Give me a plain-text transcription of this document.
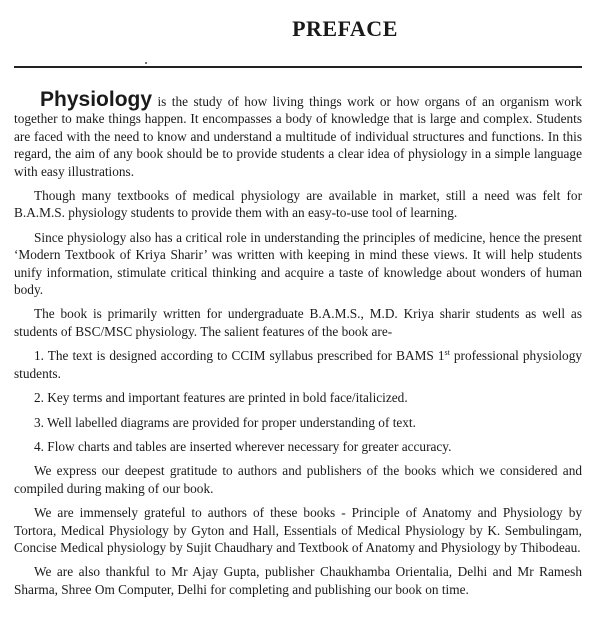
PREFACE

Physiology is the study of how living things work or how organs of an organism work together to make things happen. It encompasses a body of knowledge that is large and complex. Students are faced with the need to know and understand a multitude of individual structures and functions. In this regard, the aim of any book should be to provide students a clear idea of physiology in a simple language with easy illustrations.

Though many textbooks of medical physiology are available in market, still a need was felt for B.A.M.S. physiology students to provide them with an easy-to-use tool of learning.

Since physiology also has a critical role in understanding the principles of medicine, hence the present ‘Modern Textbook of Kriya Sharir’ was written with keeping in mind these views. It will help students unify information, stimulate critical thinking and acquire a taste of knowledge about wonders of human body.

The book is primarily written for undergraduate B.A.M.S., M.D. Kriya sharir students as well as students of BSC/MSC physiology. The salient features of the book are-

1. The text is designed according to CCIM syllabus prescribed for BAMS 1st professional physiology students.

2. Key terms and important features are printed in bold face/italicized.

3. Well labelled diagrams are provided for proper understanding of text.

4. Flow charts and tables are inserted wherever necessary for greater accuracy.

We express our deepest gratitude to authors and publishers of the books which we considered and compiled during making of our book.

We are immensely grateful to authors of these books - Principle of Anatomy and Physiology by Tortora, Medical Physiology by Gyton and Hall, Essentials of Medical Physiology by K. Sembulingam, Concise Medical physiology by Sujit Chaudhary and Textbook of Anatomy and Physiology by Thibodeau.

We are also thankful to Mr Ajay Gupta, publisher Chaukhamba Orientalia, Delhi and Mr Ramesh Sharma, Shree Om Computer, Delhi for completing and publishing our book on time.
